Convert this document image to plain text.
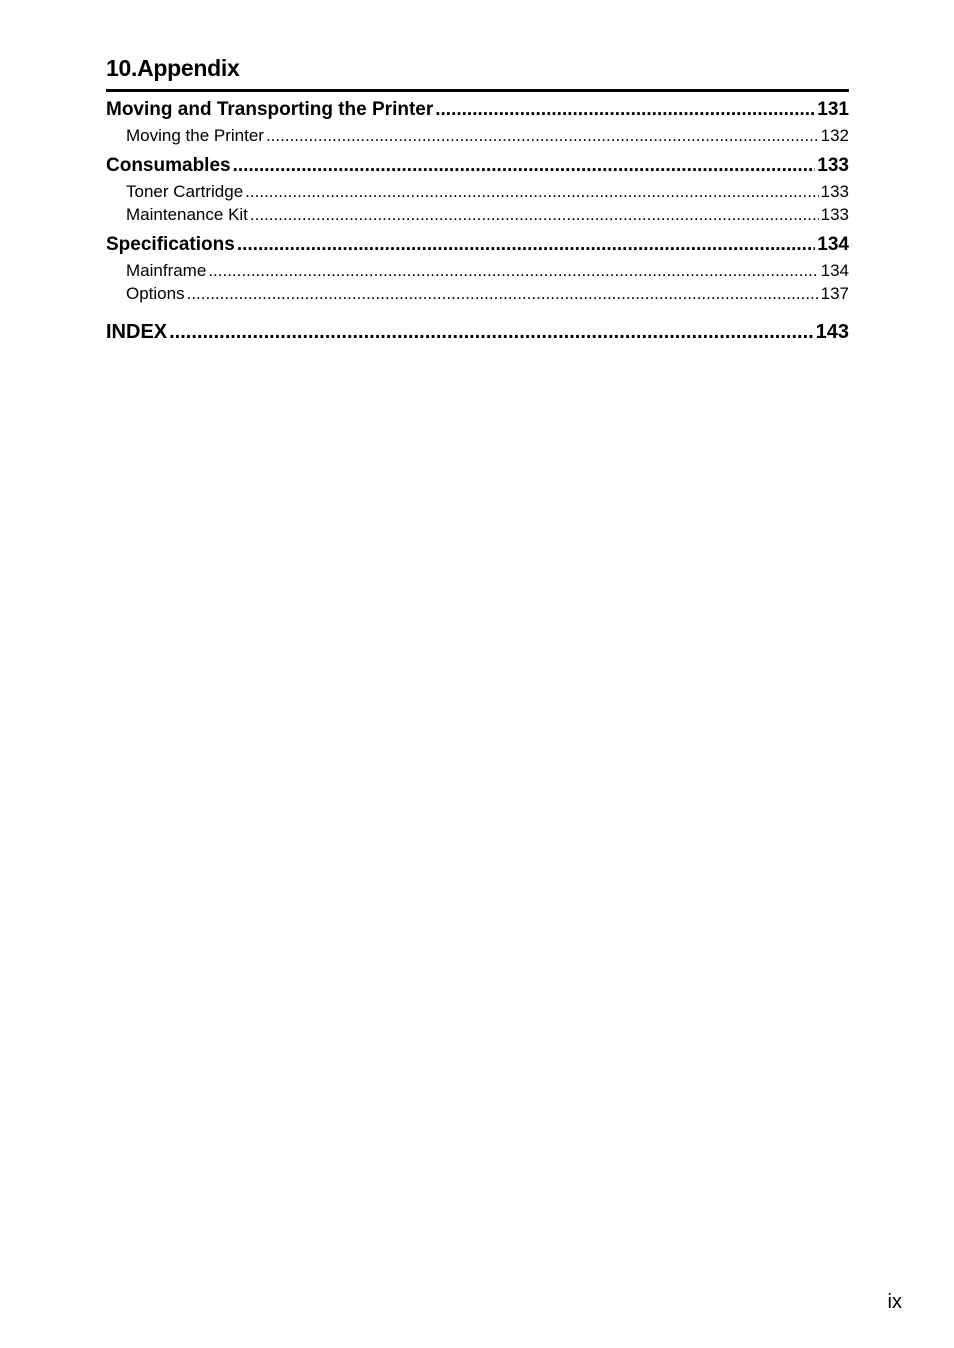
10.Appendix
Moving and Transporting the Printer .....	131
Moving the Printer .....	132
Consumables .....	133
Toner Cartridge .....	133
Maintenance Kit .....	133
Specifications .....	134
Mainframe .....	134
Options .....	137
INDEX .....	143
ix
